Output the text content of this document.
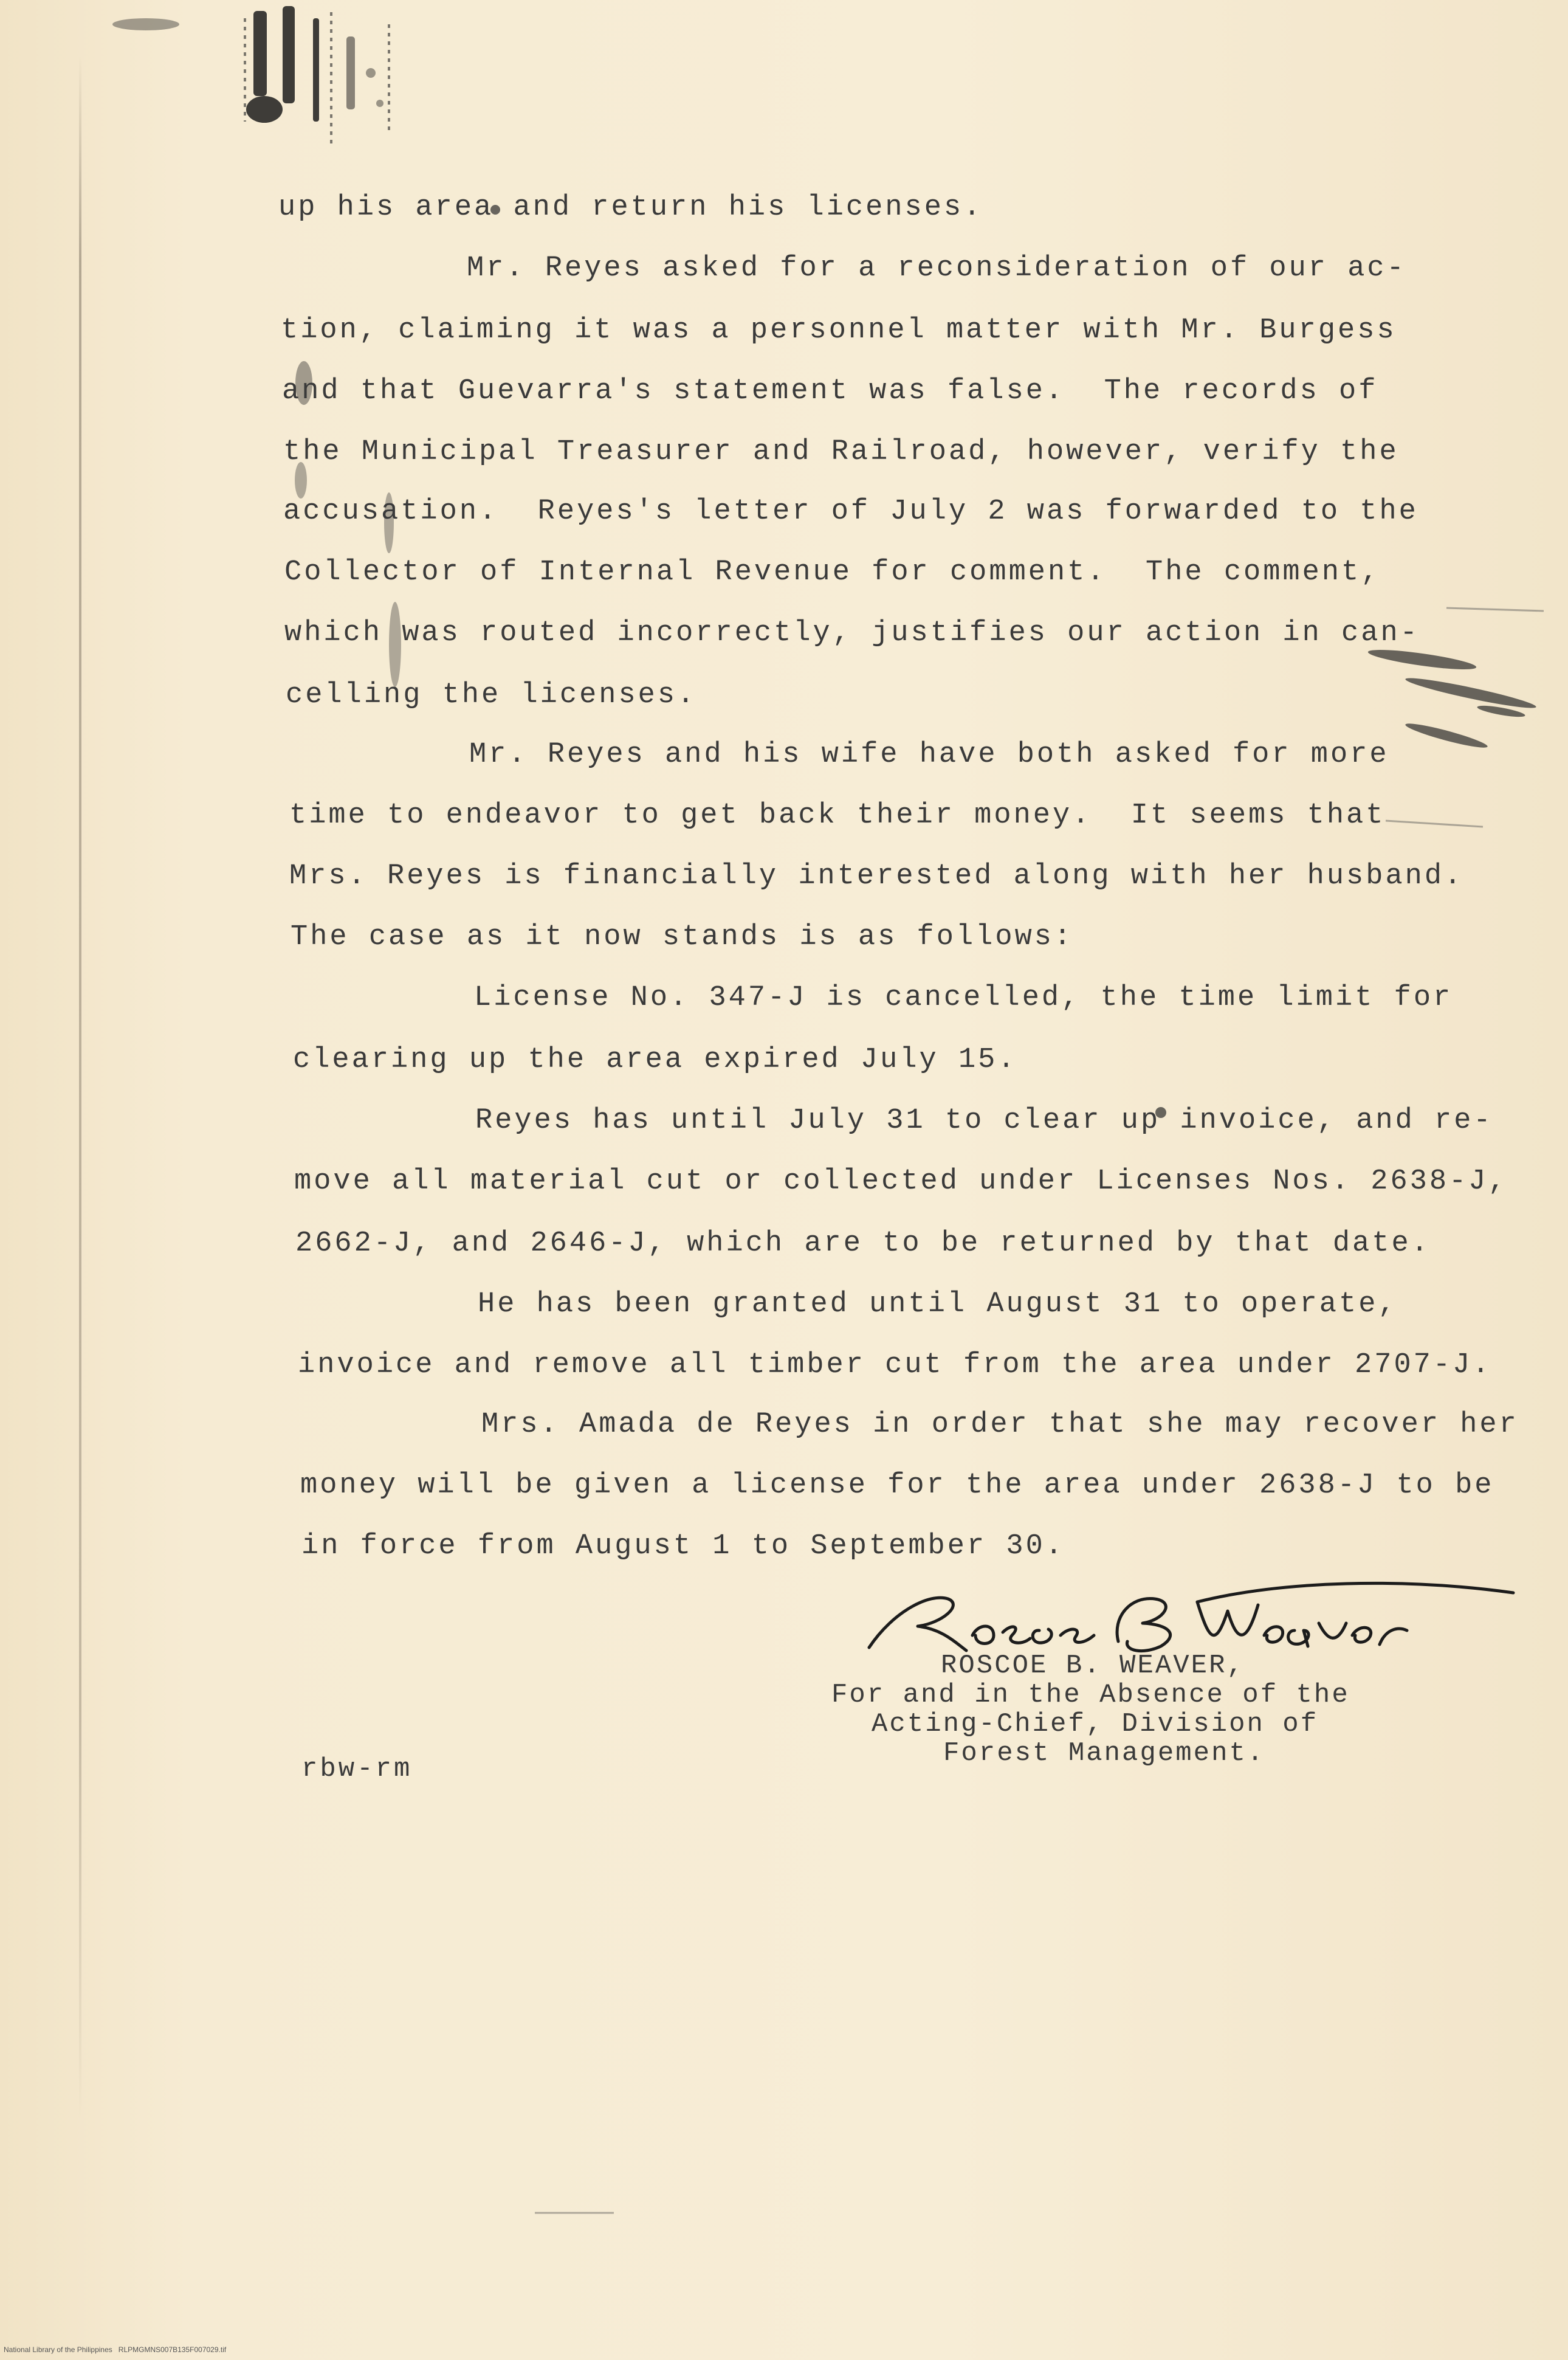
up his area and return his licenses.
Mr. Reyes asked for a reconsideration of our ac-
tion, claiming it was a personnel matter with Mr. Burgess
and that Guevarra's statement was false.  The records of
the Municipal Treasurer and Railroad, however, verify the
accusation.  Reyes's letter of July 2 was forwarded to the
Collector of Internal Revenue for comment.  The comment,
which was routed incorrectly, justifies our action in can-
celling the licenses.
Mr. Reyes and his wife have both asked for more
time to endeavor to get back their money.  It seems that
Mrs. Reyes is financially interested along with her husband.
The case as it now stands is as follows:
License No. 347-J is cancelled, the time limit for
clearing up the area expired July 15.
Reyes has until July 31 to clear up invoice, and re-
move all material cut or collected under Licenses Nos. 2638-J,
2662-J, and 2646-J, which are to be returned by that date.
He has been granted until August 31 to operate,
invoice and remove all timber cut from the area under 2707-J.
Mrs. Amada de Reyes in order that she may recover her
money will be given a license for the area under 2638-J to be
in force from August 1 to September 30.
ROSCOE B. WEAVER,
For and in the Absence of the
Acting-Chief, Division of
Forest Management.
rbw-rm
National Library of the Philippines   RLPMGMNS007B135F007029.tif
